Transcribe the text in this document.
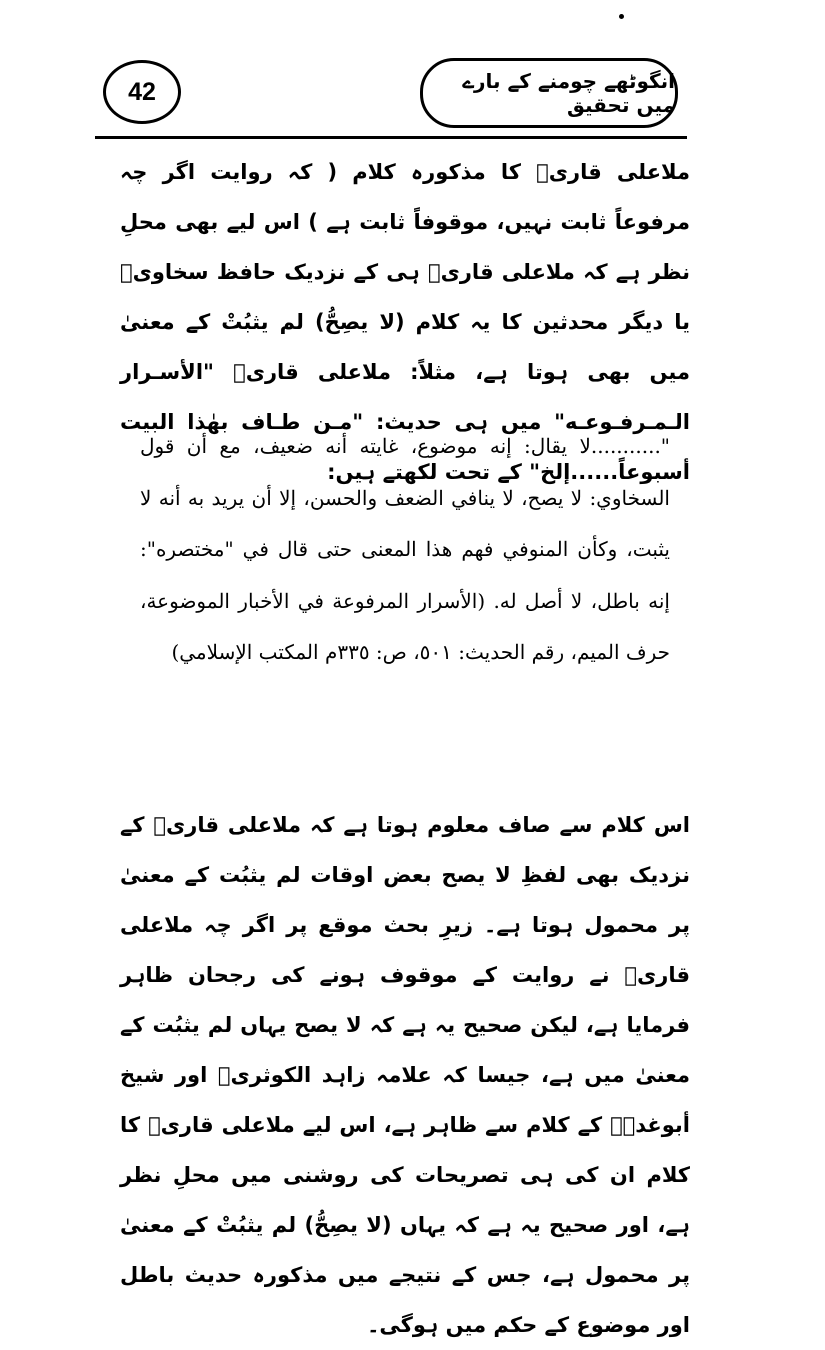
42	انگوٹھے چومنے کے بارے میں تحقیق

ملاعلی قاریؒ کا مذکورہ کلام ( کہ روایت اگر چہ مرفوعاً ثابت نہیں، موقوفاً ثابت ہے ) اس لیے بھی محلِ نظر ہے کہ ملاعلی قاریؒ ہی کے نزدیک حافظ سخاویؒ یا دیگر محدثین کا یہ کلام (لا یصِحُّ) لم یثبُتْ کے معنیٰ میں بھی ہوتا ہے، مثلاً: ملاعلی قاریؒ "الأسـرار الـمـرفـوعـه" میں ہی حدیث: "مـن طـاف بهٰذا البيت أسبوعاً......إلخ" کے تحت لکھتے ہیں:

"...........لا يقال: إنه موضوع، غايته أنه ضعيف، مع أن قول السخاوي: لا يصح، لا ينافي الضعف والحسن، إلا أن يريد به أنه لا يثبت، وكأن المنوفي فهم هذا المعنى حتى قال في "مختصره": إنه باطل، لا أصل له. (الأسرار المرفوعة في الأخبار الموضوعة، حرف الميم، رقم الحديث: ٥٠١، ص: ٣٣٥م المكتب الإسلامي)

اس کلام سے صاف معلوم ہوتا ہے کہ ملاعلی قاریؒ کے نزدیک بھی لفظِ لا یصح بعض اوقات لم یثبُت کے معنیٰ پر محمول ہوتا ہے۔ زیرِ بحث موقع پر اگر چہ ملاعلی قاریؒ نے روایت کے موقوف ہونے کی رجحان ظاہر فرمایا ہے، لیکن صحیح یہ ہے کہ لا یصح یہاں لم یثبُت کے معنیٰ میں ہے، جیسا کہ علامہ زاہد الکوثریؒ اور شیخ أبوغدہؒ کے کلام سے ظاہر ہے، اس لیے ملاعلی قاریؒ کا کلام ان کی ہی تصریحات کی روشنی میں محلِ نظر ہے، اور صحیح یہ ہے کہ یہاں (لا یصِحُّ) لم یثبُتْ کے معنیٰ پر محمول ہے، جس کے نتیجے میں مذکورہ حدیث باطل اور موضوع کے حکم میں ہوگی۔
